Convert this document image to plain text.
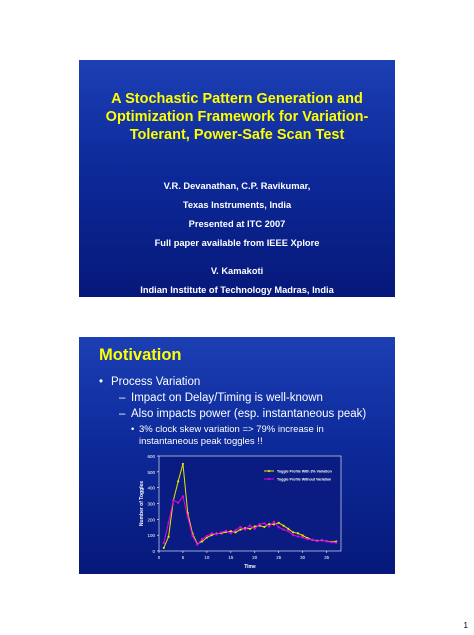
A Stochastic Pattern Generation and
Optimization Framework for Variation-
Tolerant, Power-Safe Scan Test
V.R. Devanathan, C.P. Ravikumar,
Texas Instruments, India
Presented at ITC 2007
Full paper available from IEEE Xplore
V. Kamakoti
Indian Institute of Technology Madras, India
Motivation
• Process Variation
– Impact on Delay/Timing is well-known
– Also impacts power (esp. instantaneous peak)
• 3% clock skew variation => 79% increase in
instantaneous peak toggles !!
0
100
200
300
400
500
600
0	5	10	15	20	25	30	35
Time
Number of Toggles
Toggle Profile With 3% Variation
Toggle Profile Without Variation
1
